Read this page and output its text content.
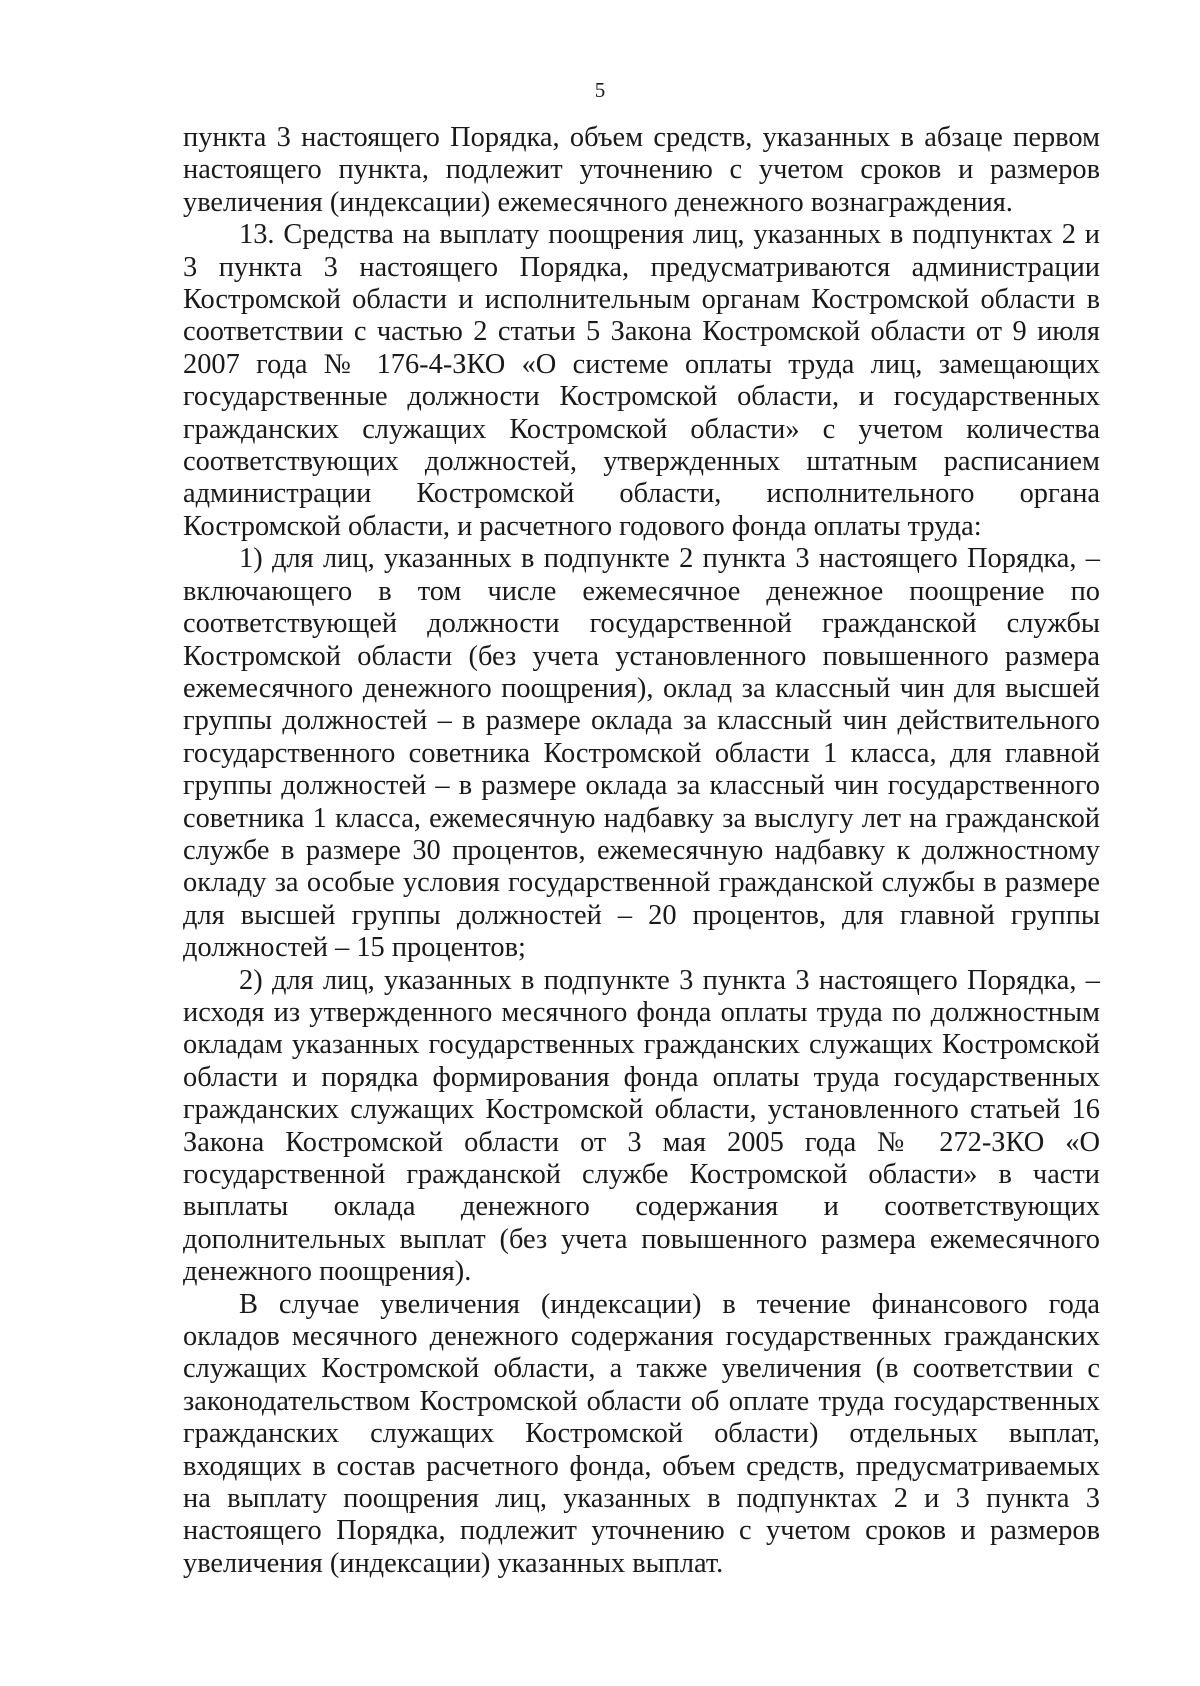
5

пункта 3 настоящего Порядка, объем средств, указанных в абзаце первом настоящего пункта, подлежит уточнению с учетом сроков и размеров увеличения (индексации) ежемесячного денежного вознаграждения.

13. Средства на выплату поощрения лиц, указанных в подпунктах 2 и 3 пункта 3 настоящего Порядка, предусматриваются администрации Костромской области и исполнительным органам Костромской области в соответствии с частью 2 статьи 5 Закона Костромской области от 9 июля 2007 года № 176-4-ЗКО «О системе оплаты труда лиц, замещающих государственные должности Костромской области, и государственных гражданских служащих Костромской области» с учетом количества соответствующих должностей, утвержденных штатным расписанием администрации Костромской области, исполнительного органа Костромской области, и расчетного годового фонда оплаты труда:

1) для лиц, указанных в подпункте 2 пункта 3 настоящего Порядка, – включающего в том числе ежемесячное денежное поощрение по соответствующей должности государственной гражданской службы Костромской области (без учета установленного повышенного размера ежемесячного денежного поощрения), оклад за классный чин для высшей группы должностей – в размере оклада за классный чин действительного государственного советника Костромской области 1 класса, для главной группы должностей – в размере оклада за классный чин государственного советника 1 класса, ежемесячную надбавку за выслугу лет на гражданской службе в размере 30 процентов, ежемесячную надбавку к должностному окладу за особые условия государственной гражданской службы в размере для высшей группы должностей – 20 процентов, для главной группы должностей – 15 процентов;

2) для лиц, указанных в подпункте 3 пункта 3 настоящего Порядка, – исходя из утвержденного месячного фонда оплаты труда по должностным окладам указанных государственных гражданских служащих Костромской области и порядка формирования фонда оплаты труда государственных гражданских служащих Костромской области, установленного статьей 16 Закона Костромской области от 3 мая 2005 года № 272-ЗКО «О государственной гражданской службе Костромской области» в части выплаты оклада денежного содержания и соответствующих дополнительных выплат (без учета повышенного размера ежемесячного денежного поощрения).

В случае увеличения (индексации) в течение финансового года окладов месячного денежного содержания государственных гражданских служащих Костромской области, а также увеличения (в соответствии с законодательством Костромской области об оплате труда государственных гражданских служащих Костромской области) отдельных выплат, входящих в состав расчетного фонда, объем средств, предусматриваемых на выплату поощрения лиц, указанных в подпунктах 2 и 3 пункта 3 настоящего Порядка, подлежит уточнению с учетом сроков и размеров увеличения (индексации) указанных выплат.
